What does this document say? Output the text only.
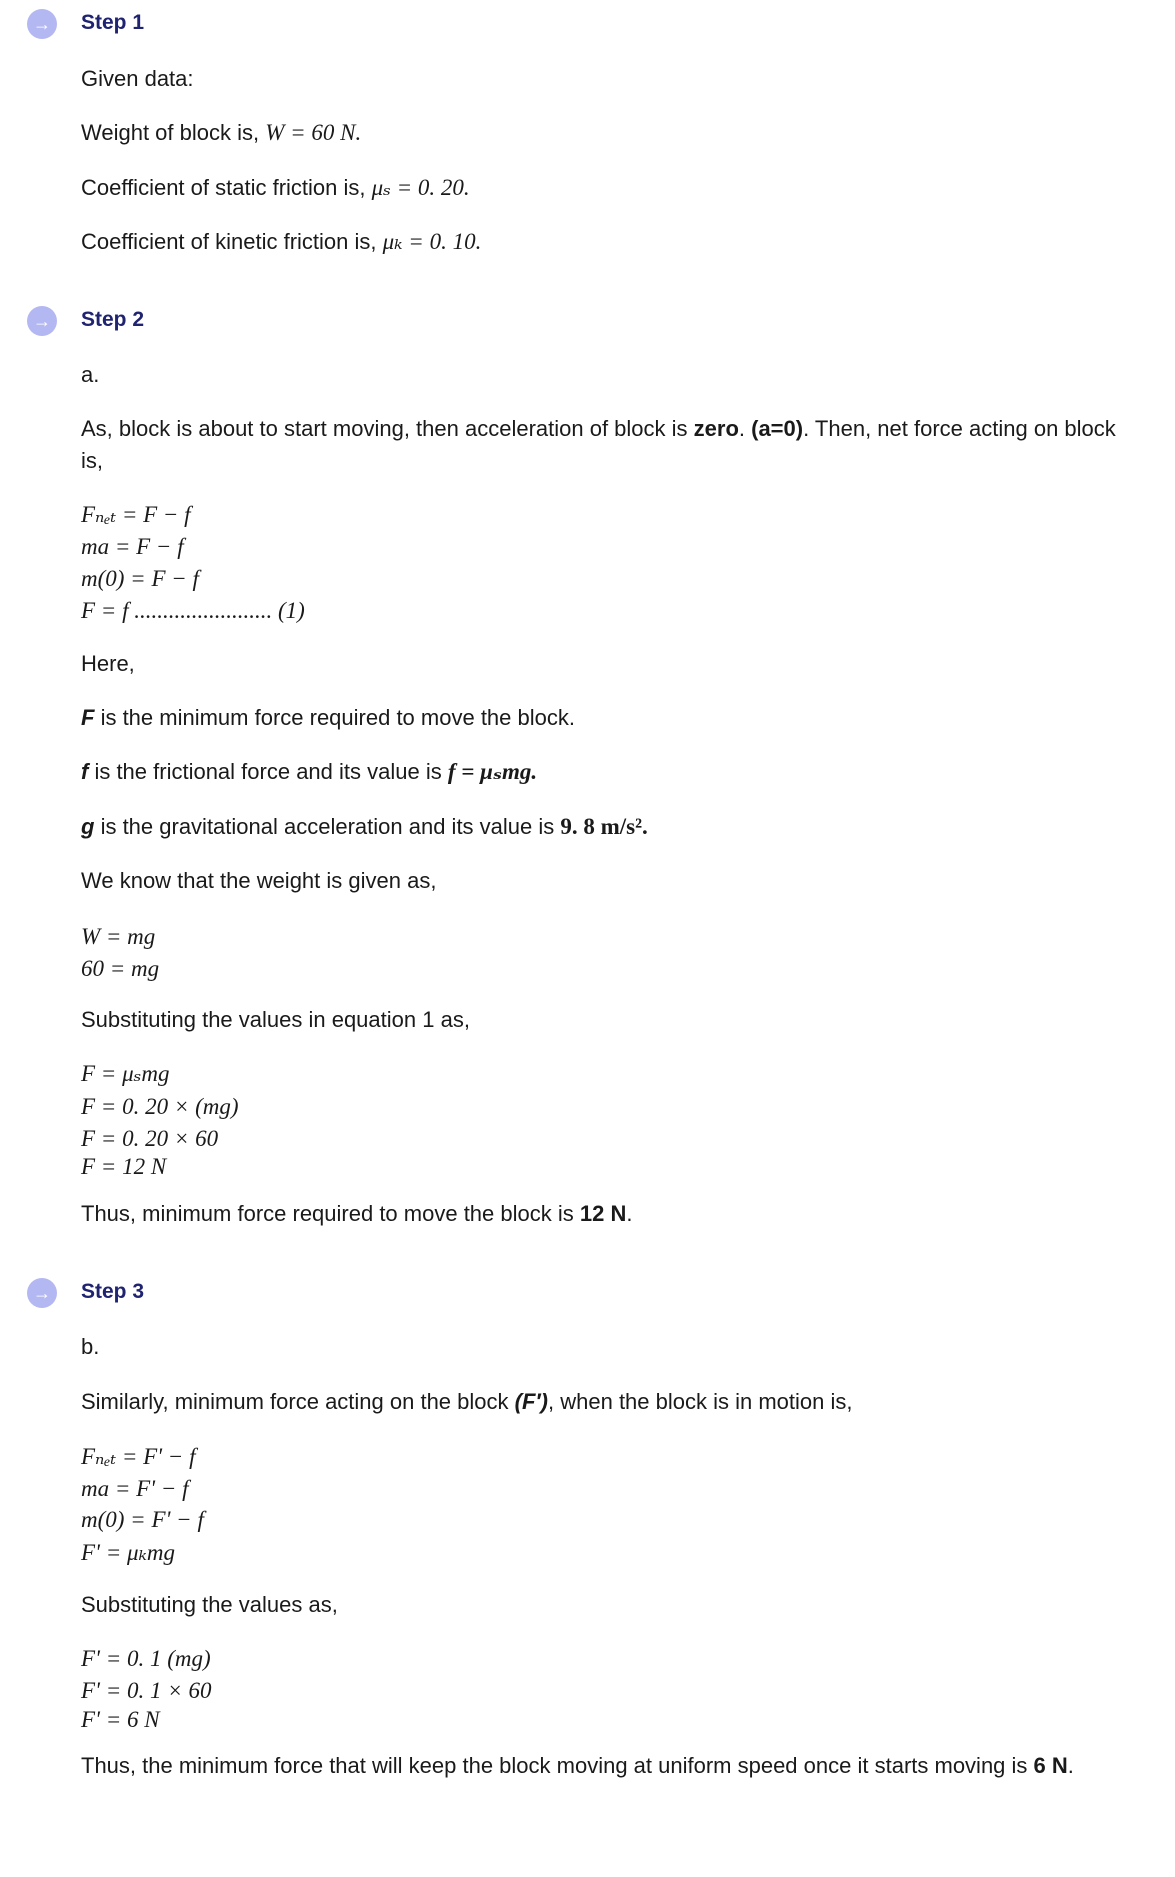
→ Step 1
Given data:
Weight of block is, W = 60 N.
Coefficient of static friction is, μₛ = 0. 20.
Coefficient of kinetic friction is, μₖ = 0. 10.
→ Step 2
a.
As, block is about to start moving, then acceleration of block is zero. (a=0). Then, net force acting on block
is,
Fₙₑₜ = F − f
ma = F − f
m(0) = F − f
F = f ........................ (1)
Here,
F is the minimum force required to move the block.
f is the frictional force and its value is f = μₛmg.
g is the gravitational acceleration and its value is 9. 8 m/s².
We know that the weight is given as,
W = mg
60 = mg
Substituting the values in equation 1 as,
F = μₛmg
F = 0. 20 × (mg)
F = 0. 20 × 60
F = 12 N
Thus, minimum force required to move the block is 12 N.
→ Step 3
b.
Similarly, minimum force acting on the block (F′), when the block is in motion is,
Fₙₑₜ = F' − f
ma = F' − f
m(0) = F' − f
F' = μₖmg
Substituting the values as,
F' = 0. 1 (mg)
F' = 0. 1 × 60
F' = 6 N
Thus, the minimum force that will keep the block moving at uniform speed once it starts moving is 6 N.
